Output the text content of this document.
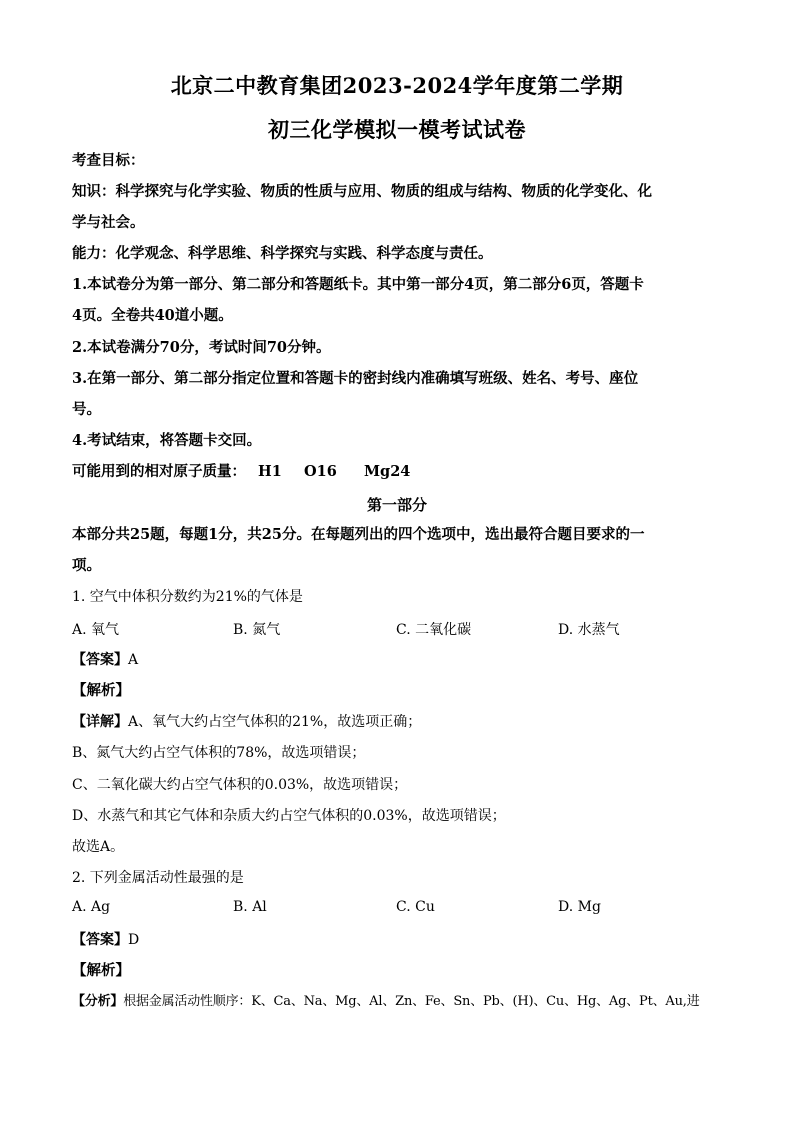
北京二中教育集团2023-2024学年度第二学期
初三化学模拟一模考试试卷
考查目标：
知识：科学探究与化学实验、物质的性质与应用、物质的组成与结构、物质的化学变化、化
学与社会。
能力：化学观念、科学思维、科学探究与实践、科学态度与责任。
1.本试卷分为第一部分、第二部分和答题纸卡。其中第一部分4页，第二部分6页，答题卡
4页。全卷共40道小题。
2.本试卷满分70分，考试时间70分钟。
3.在第一部分、第二部分指定位置和答题卡的密封线内准确填写班级、姓名、考号、座位
号。
4.考试结束，将答题卡交回。
可能用到的相对原子质量： H1 O16 Mg24
第一部分
本部分共25题，每题1分，共25分。在每题列出的四个选项中，选出最符合题目要求的一
项。
1. 空气中体积分数约为21%的气体是
A. 氧气	B. 氮气	C. 二氧化碳	D. 水蒸气
【答案】A
【解析】
【详解】A、氧气大约占空气体积的21%，故选项正确；
B、氮气大约占空气体积的78%，故选项错误；
C、二氧化碳大约占空气体积的0.03%，故选项错误；
D、水蒸气和其它气体和杂质大约占空气体积的0.03%，故选项错误；
故选A。
2. 下列金属活动性最强的是
A. Ag	B. Al	C. Cu	D. Mg
【答案】D
【解析】
【分析】根据金属活动性顺序：K、Ca、Na、Mg、Al、Zn、Fe、Sn、Pb、(H)、Cu、Hg、Ag、Pt、Au,进
